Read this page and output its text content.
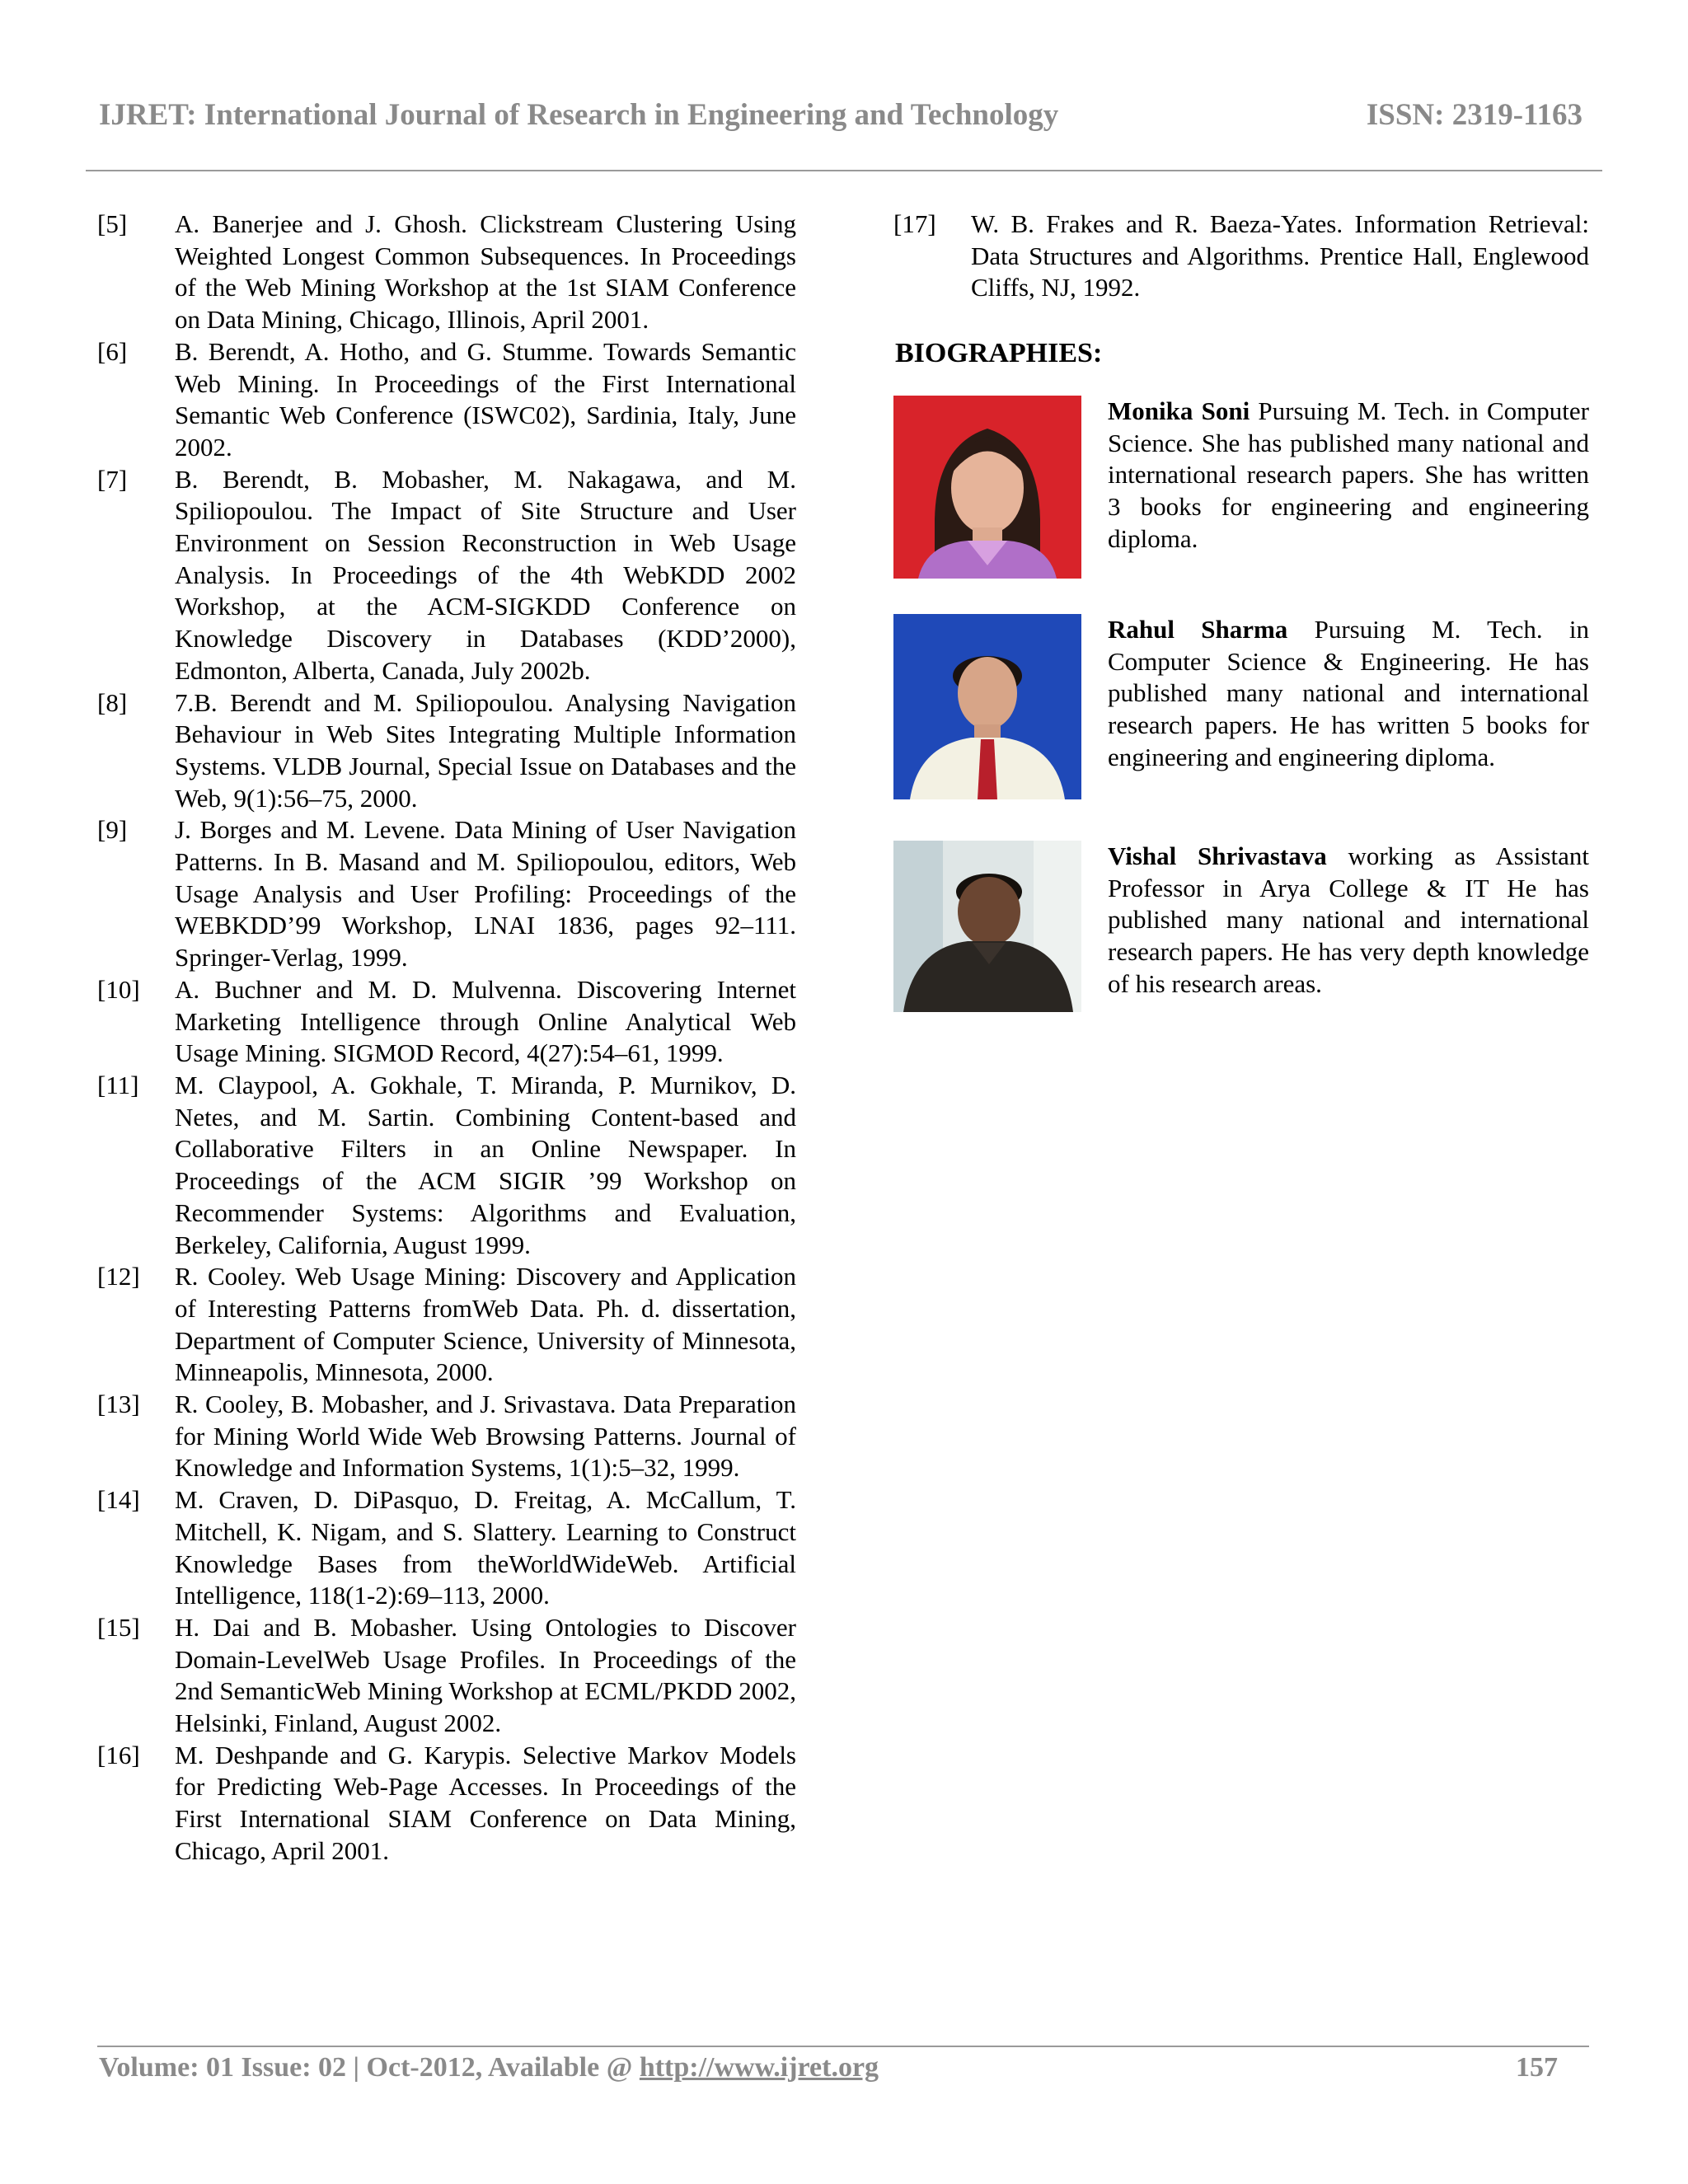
IJRET: International Journal of Research in Engineering and Technology	ISSN: 2319-1163
[5] A. Banerjee and J. Ghosh. Clickstream Clustering Using Weighted Longest Common Subsequences. In Proceedings of the Web Mining Workshop at the 1st SIAM Conference on Data Mining, Chicago, Illinois, April 2001.
[6] B. Berendt, A. Hotho, and G. Stumme. Towards Semantic Web Mining. In Proceedings of the First International Semantic Web Conference (ISWC02), Sardinia, Italy, June 2002.
[7] B. Berendt, B. Mobasher, M. Nakagawa, and M. Spiliopoulou. The Impact of Site Structure and User Environment on Session Reconstruction in Web Usage Analysis. In Proceedings of the 4th WebKDD 2002 Workshop, at the ACM-SIGKDD Conference on Knowledge Discovery in Databases (KDD’2000), Edmonton, Alberta, Canada, July 2002b.
[8] 7.B. Berendt and M. Spiliopoulou. Analysing Navigation Behaviour in Web Sites Integrating Multiple Information Systems. VLDB Journal, Special Issue on Databases and the Web, 9(1):56–75, 2000.
[9] J. Borges and M. Levene. Data Mining of User Navigation Patterns. In B. Masand and M. Spiliopoulou, editors, Web Usage Analysis and User Profiling: Proceedings of the WEBKDD’99 Workshop, LNAI 1836, pages 92–111. Springer-Verlag, 1999.
[10] A. Buchner and M. D. Mulvenna. Discovering Internet Marketing Intelligence through Online Analytical Web Usage Mining. SIGMOD Record, 4(27):54–61, 1999.
[11] M. Claypool, A. Gokhale, T. Miranda, P. Murnikov, D. Netes, and M. Sartin. Combining Content-based and Collaborative Filters in an Online Newspaper. In Proceedings of the ACM SIGIR ’99 Workshop on Recommender Systems: Algorithms and Evaluation, Berkeley, California, August 1999.
[12] R. Cooley. Web Usage Mining: Discovery and Application of Interesting Patterns fromWeb Data. Ph. d. dissertation, Department of Computer Science, University of Minnesota, Minneapolis, Minnesota, 2000.
[13] R. Cooley, B. Mobasher, and J. Srivastava. Data Preparation for Mining World Wide Web Browsing Patterns. Journal of Knowledge and Information Systems, 1(1):5–32, 1999.
[14] M. Craven, D. DiPasquo, D. Freitag, A. McCallum, T. Mitchell, K. Nigam, and S. Slattery. Learning to Construct Knowledge Bases from theWorldWideWeb. Artificial Intelligence, 118(1-2):69–113, 2000.
[15] H. Dai and B. Mobasher. Using Ontologies to Discover Domain-LevelWeb Usage Profiles. In Proceedings of the 2nd SemanticWeb Mining Workshop at ECML/PKDD 2002, Helsinki, Finland, August 2002.
[16] M. Deshpande and G. Karypis. Selective Markov Models for Predicting Web-Page Accesses. In Proceedings of the First International SIAM Conference on Data Mining, Chicago, April 2001.
[17] W. B. Frakes and R. Baeza-Yates. Information Retrieval: Data Structures and Algorithms. Prentice Hall, Englewood Cliffs, NJ, 1992.
BIOGRAPHIES:
Monika Soni Pursuing M. Tech. in Computer Science. She has published many national and international research papers. She has written 3 books for engineering and engineering diploma.
Rahul Sharma Pursuing M. Tech. in Computer Science & Engineering. He has published many national and international research papers. He has written 5 books for engineering and engineering diploma.
Vishal Shrivastava working as Assistant Professor in Arya College & IT He has published many national and international research papers. He has very depth knowledge of his research areas.
Volume: 01 Issue: 02 | Oct-2012, Available @ http://www.ijret.org	157
